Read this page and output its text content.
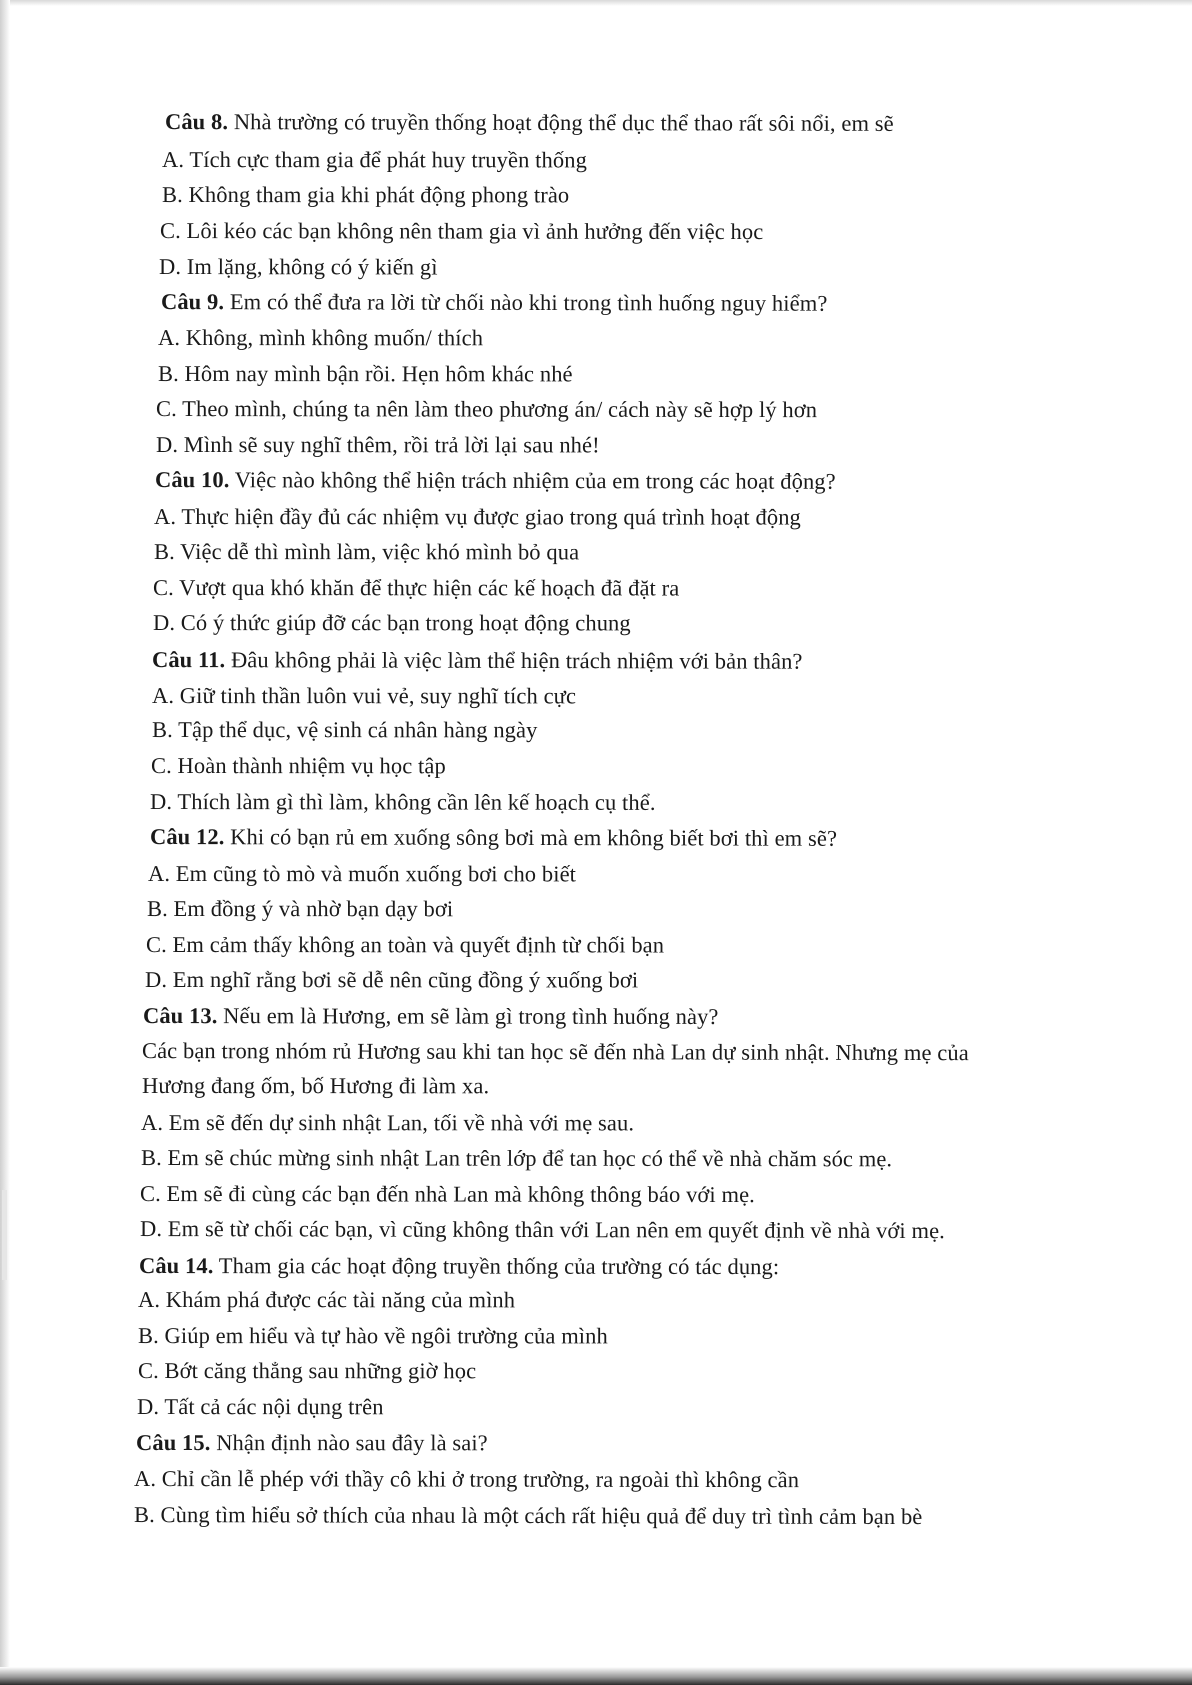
Câu 8. Nhà trường có truyền thống hoạt động thể dục thể thao rất sôi nổi, em sẽ
A. Tích cực tham gia để phát huy truyền thống
B. Không tham gia khi phát động phong trào
C. Lôi kéo các bạn không nên tham gia vì ảnh hưởng đến việc học
D. Im lặng, không có ý kiến gì
Câu 9. Em có thể đưa ra lời từ chối nào khi trong tình huống nguy hiểm?
A. Không, mình không muốn/ thích
B. Hôm nay mình bận rồi. Hẹn hôm khác nhé
C. Theo mình, chúng ta nên làm theo phương án/ cách này sẽ hợp lý hơn
D. Mình sẽ suy nghĩ thêm, rồi trả lời lại sau nhé!
Câu 10. Việc nào không thể hiện trách nhiệm của em trong các hoạt động?
A. Thực hiện đầy đủ các nhiệm vụ được giao trong quá trình hoạt động
B. Việc dễ thì mình làm, việc khó mình bỏ qua
C. Vượt qua khó khăn để thực hiện các kế hoạch đã đặt ra
D. Có ý thức giúp đỡ các bạn trong hoạt động chung
Câu 11. Đâu không phải là việc làm thể hiện trách nhiệm với bản thân?
A. Giữ tinh thần luôn vui vẻ, suy nghĩ tích cực
B. Tập thể dục, vệ sinh cá nhân hàng ngày
C. Hoàn thành nhiệm vụ học tập
D. Thích làm gì thì làm, không cần lên kế hoạch cụ thể.
Câu 12. Khi có bạn rủ em xuống sông bơi mà em không biết bơi thì em sẽ?
A. Em cũng tò mò và muốn xuống bơi cho biết
B. Em đồng ý và nhờ bạn dạy bơi
C. Em cảm thấy không an toàn và quyết định từ chối bạn
D. Em nghĩ rằng bơi sẽ dễ nên cũng đồng ý xuống bơi
Câu 13. Nếu em là Hương, em sẽ làm gì trong tình huống này?
Các bạn trong nhóm rủ Hương sau khi tan học sẽ đến nhà Lan dự sinh nhật. Nhưng mẹ của
Hương đang ốm, bố Hương đi làm xa.
A. Em sẽ đến dự sinh nhật Lan, tối về nhà với mẹ sau.
B. Em sẽ chúc mừng sinh nhật Lan trên lớp để tan học có thể về nhà chăm sóc mẹ.
C. Em sẽ đi cùng các bạn đến nhà Lan mà không thông báo với mẹ.
D. Em sẽ từ chối các bạn, vì cũng không thân với Lan nên em quyết định về nhà với mẹ.
Câu 14. Tham gia các hoạt động truyền thống của trường có tác dụng:
A. Khám phá được các tài năng của mình
B. Giúp em hiểu và tự hào về ngôi trường của mình
C. Bớt căng thẳng sau những giờ học
D. Tất cả các nội dụng trên
Câu 15. Nhận định nào sau đây là sai?
A. Chỉ cần lễ phép với thầy cô khi ở trong trường, ra ngoài thì không cần
B. Cùng tìm hiểu sở thích của nhau là một cách rất hiệu quả để duy trì tình cảm bạn bè
